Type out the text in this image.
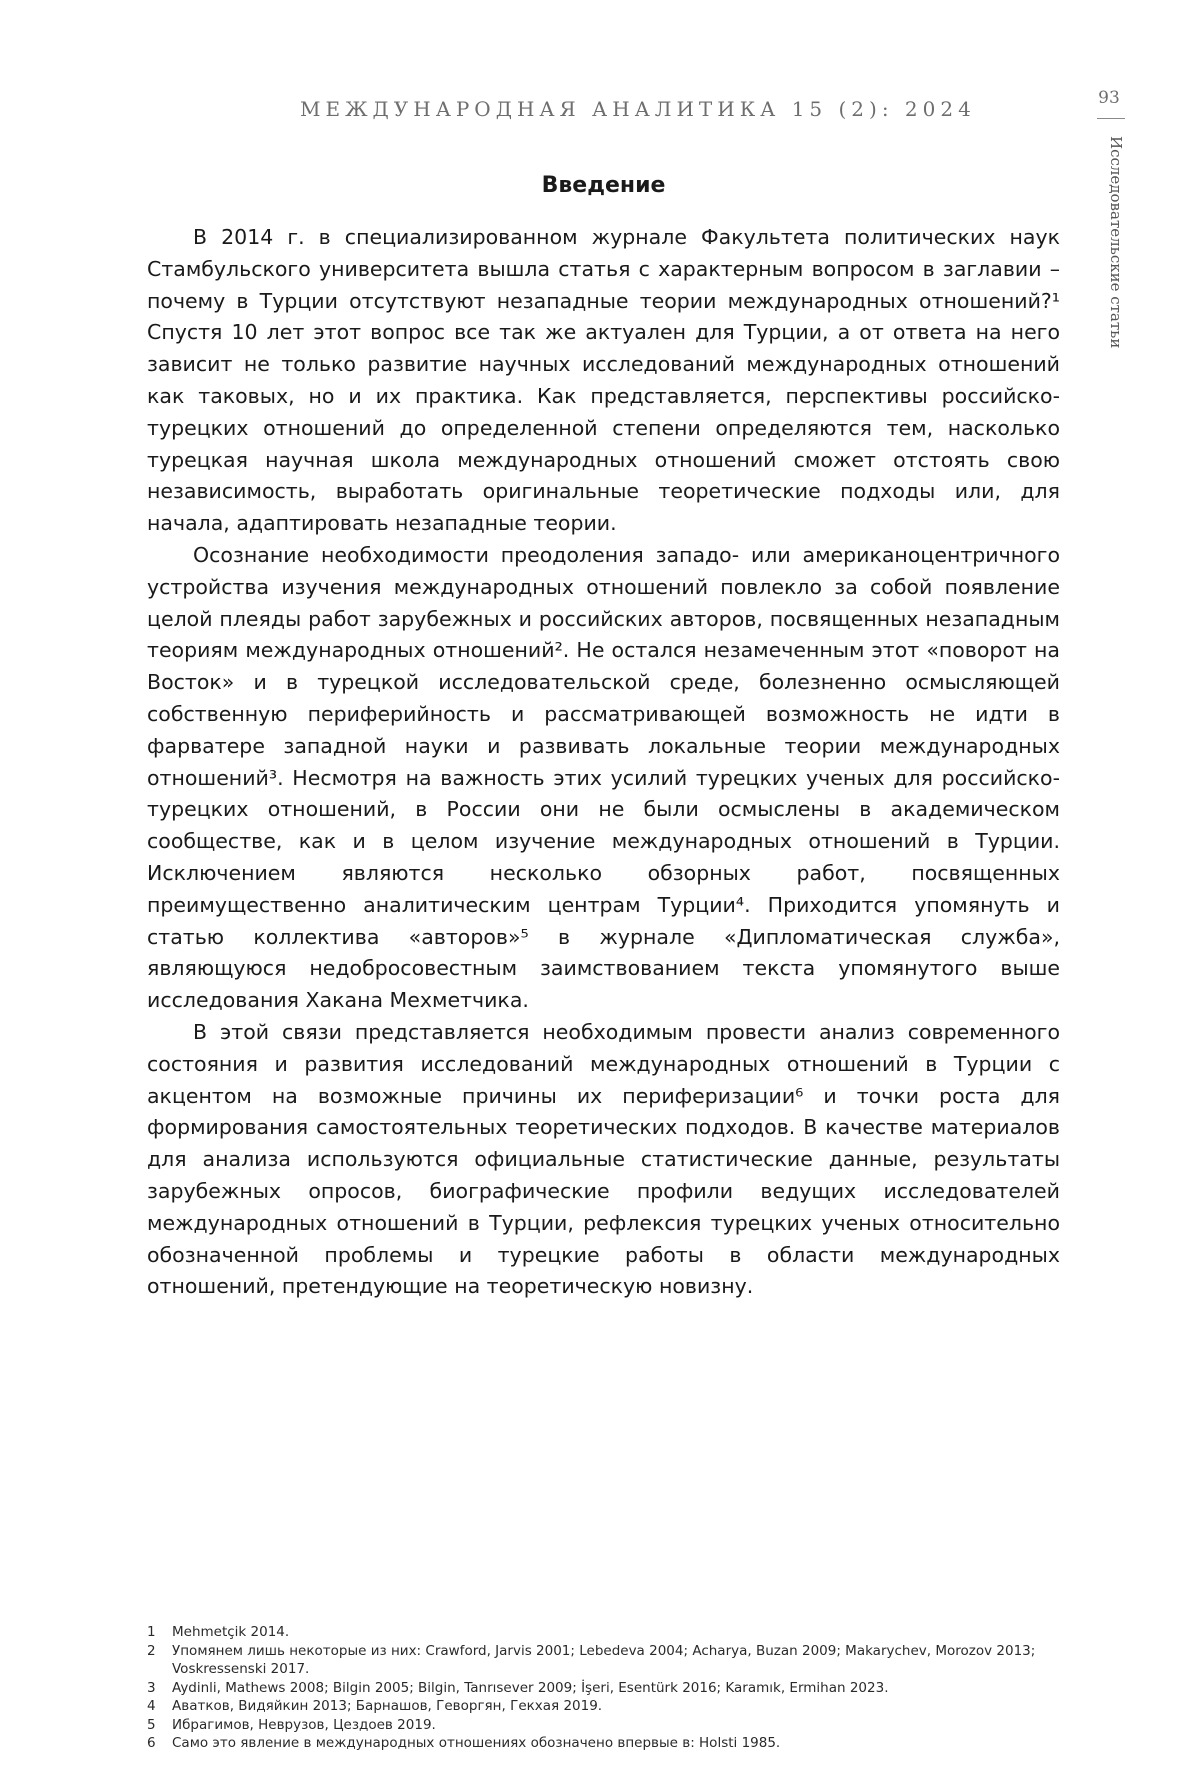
МЕЖДУНАРОДНАЯ АНАЛИТИКА 15 (2): 2024	93
Исследовательские статьи
Введение

В 2014 г. в специализированном журнале Факультета политических наук Стамбульского университета вышла статья с характерным вопросом в заглавии – почему в Турции отсутствуют незападные теории международных отношений?¹ Спустя 10 лет этот вопрос все так же актуален для Турции, а от ответа на него зависит не только развитие научных исследований международных отношений как таковых, но и их практика. Как представляется, перспективы российско-турецких отношений до определенной степени определяются тем, насколько турецкая научная школа международных отношений сможет отстоять свою независимость, выработать оригинальные теоретические подходы или, для начала, адаптировать незападные теории.

Осознание необходимости преодоления западо- или американоцентричного устройства изучения международных отношений повлекло за собой появление целой плеяды работ зарубежных и российских авторов, посвященных незападным теориям международных отношений². Не остался незамеченным этот «поворот на Восток» и в турецкой исследовательской среде, болезненно осмысляющей собственную периферийность и рассматривающей возможность не идти в фарватере западной науки и развивать локальные теории международных отношений³. Несмотря на важность этих усилий турецких ученых для российско-турецких отношений, в России они не были осмыслены в академическом сообществе, как и в целом изучение международных отношений в Турции. Исключением являются несколько обзорных работ, посвященных преимущественно аналитическим центрам Турции⁴. Приходится упомянуть и статью коллектива «авторов»⁵ в журнале «Дипломатическая служба», являющуюся недобросовестным заимствованием текста упомянутого выше исследования Хакана Мехметчика.

В этой связи представляется необходимым провести анализ современного состояния и развития исследований международных отношений в Турции с акцентом на возможные причины их периферизации⁶ и точки роста для формирования самостоятельных теоретических подходов. В качестве материалов для анализа используются официальные статистические данные, результаты зарубежных опросов, биографические профили ведущих исследователей международных отношений в Турции, рефлексия турецких ученых относительно обозначенной проблемы и турецкие работы в области международных отношений, претендующие на теоретическую новизну.

1 Mehmetçik 2014.
2 Упомянем лишь некоторые из них: Crawford, Jarvis 2001; Lebedeva 2004; Acharya, Buzan 2009; Makarychev, Morozov 2013; Voskressenski 2017.
3 Aydinli, Mathews 2008; Bilgin 2005; Bilgin, Tanrısever 2009; İşeri, Esentürk 2016; Karamık, Ermihan 2023.
4 Аватков, Видяйкин 2013; Барнашов, Геворгян, Гекхая 2019.
5 Ибрагимов, Неврузов, Цездоев 2019.
6 Само это явление в международных отношениях обозначено впервые в: Holsti 1985.
